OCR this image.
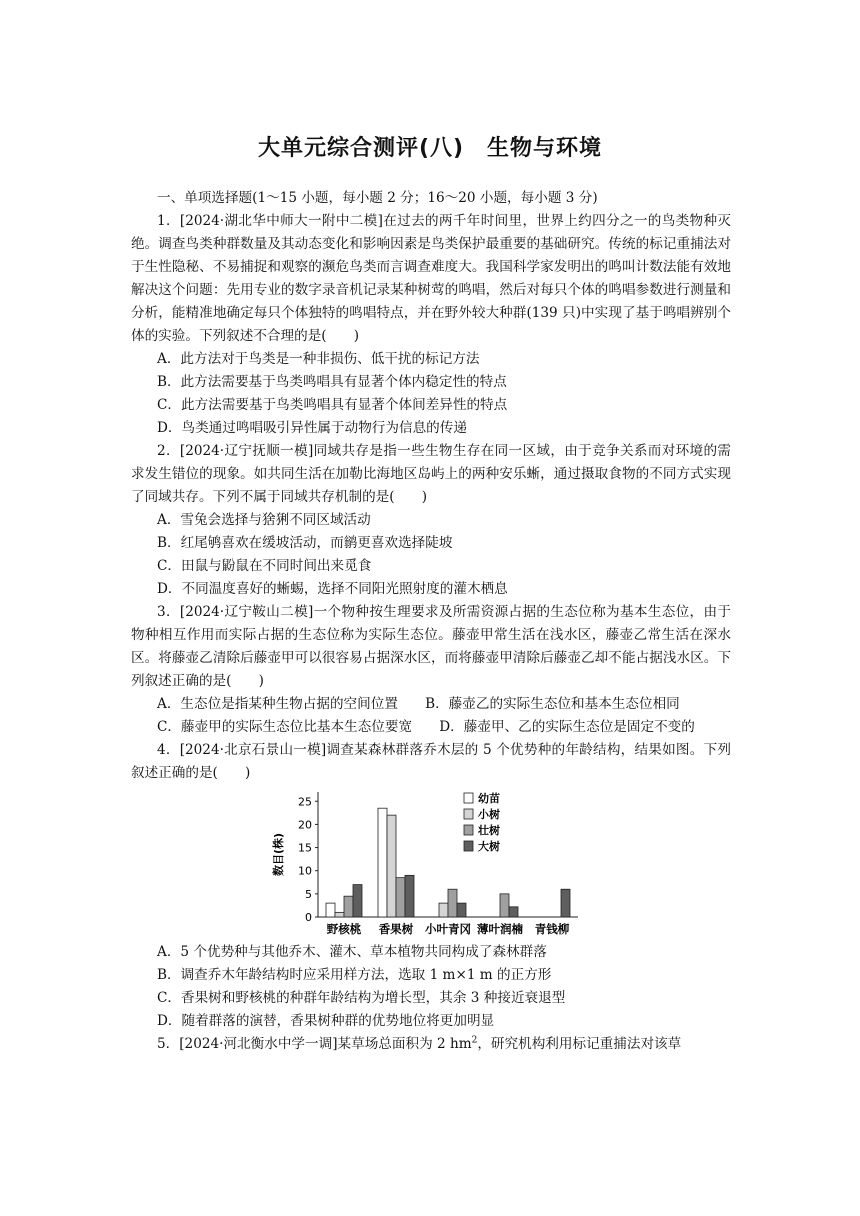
大单元综合测评(八)　生物与环境

一、单项选择题(1～15 小题，每小题 2 分；16～20 小题，每小题 3 分)

1．[2024·湖北华中师大一附中二模]在过去的两千年时间里，世界上约四分之一的鸟类物种灭绝。调查鸟类种群数量及其动态变化和影响因素是鸟类保护最重要的基础研究。传统的标记重捕法对于生性隐秘、不易捕捉和观察的濒危鸟类而言调查难度大。我国科学家发明出的鸣叫计数法能有效地解决这个问题：先用专业的数字录音机记录某种树莺的鸣唱，然后对每只个体的鸣唱参数进行测量和分析，能精准地确定每只个体独特的鸣唱特点，并在野外较大种群(139 只)中实现了基于鸣唱辨别个体的实验。下列叙述不合理的是(　　)

A．此方法对于鸟类是一种非损伤、低干扰的标记方法

B．此方法需要基于鸟类鸣唱具有显著个体内稳定性的特点

C．此方法需要基于鸟类鸣唱具有显著个体间差异性的特点

D．鸟类通过鸣唱吸引异性属于动物行为信息的传递

2．[2024·辽宁抚顺一模]同域共存是指一些生物生存在同一区域，由于竞争关系而对环境的需求发生错位的现象。如共同生活在加勒比海地区岛屿上的两种安乐蜥，通过摄取食物的不同方式实现了同域共存。下列不属于同域共存机制的是(　　)

A．雪兔会选择与猞猁不同区域活动

B．红尾鸲喜欢在缓坡活动，而鹟更喜欢选择陡坡

C．田鼠与鼢鼠在不同时间出来觅食

D．不同温度喜好的蜥蜴，选择不同阳光照射度的灌木栖息

3．[2024·辽宁鞍山二模]一个物种按生理要求及所需资源占据的生态位称为基本生态位，由于物种相互作用而实际占据的生态位称为实际生态位。藤壶甲常生活在浅水区，藤壶乙常生活在深水区。将藤壶乙清除后藤壶甲可以很容易占据深水区，而将藤壶甲清除后藤壶乙却不能占据浅水区。下列叙述正确的是(　　)

A．生态位是指某种生物占据的空间位置　　B．藤壶乙的实际生态位和基本生态位相同

C．藤壶甲的实际生态位比基本生态位要宽　　D．藤壶甲、乙的实际生态位是固定不变的

4．[2024·北京石景山一模]调查某森林群落乔木层的 5 个优势种的年龄结构，结果如图。下列叙述正确的是(　　)

0
5
10
15
20
25
数目(株)
野核桃 香果树 小叶青冈 薄叶润楠 青钱柳
幼苗
小树
壮树
大树

A．5 个优势种与其他乔木、灌木、草本植物共同构成了森林群落

B．调查乔木年龄结构时应采用样方法，选取 1 m×1 m 的正方形

C．香果树和野核桃的种群年龄结构为增长型，其余 3 种接近衰退型

D．随着群落的演替，香果树种群的优势地位将更加明显

5．[2024·河北衡水中学一调]某草场总面积为 2 $hm^2$，研究机构利用标记重捕法对该草
